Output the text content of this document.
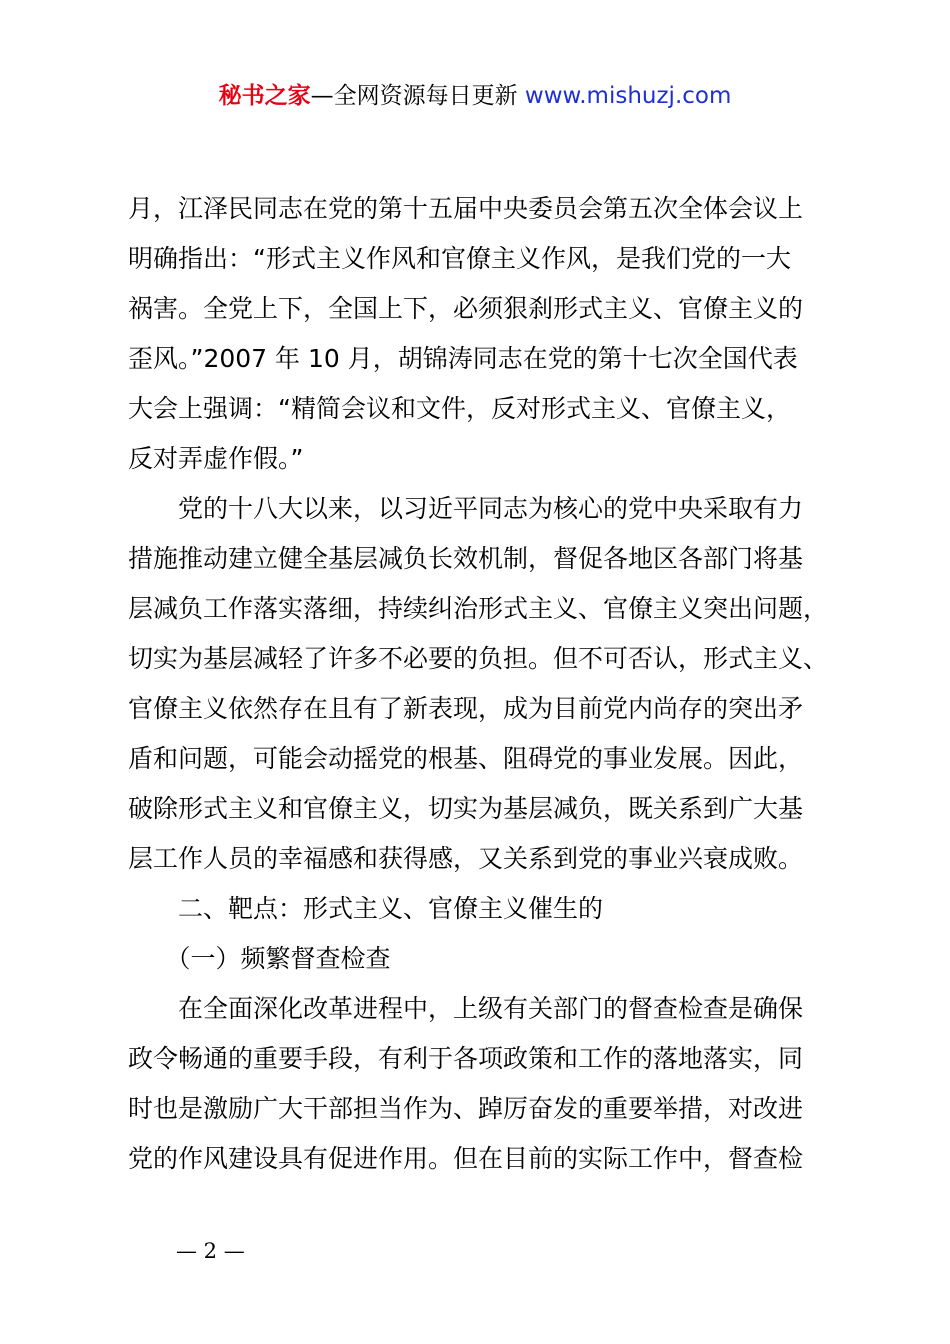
秘书之家—全网资源每日更新 www.mishuzj.com
月，江泽民同志在党的第十五届中央委员会第五次全体会议上
明确指出：“形式主义作风和官僚主义作风，是我们党的一大
祸害。全党上下，全国上下，必须狠刹形式主义、官僚主义的
歪风。”2007 年 10 月，胡锦涛同志在党的第十七次全国代表
大会上强调：“精简会议和文件，反对形式主义、官僚主义，
反对弄虚作假。”
　　党的十八大以来，以习近平同志为核心的党中央采取有力
措施推动建立健全基层减负长效机制，督促各地区各部门将基
层减负工作落实落细，持续纠治形式主义、官僚主义突出问题，
切实为基层减轻了许多不必要的负担。但不可否认，形式主义、
官僚主义依然存在且有了新表现，成为目前党内尚存的突出矛
盾和问题，可能会动摇党的根基、阻碍党的事业发展。因此，
破除形式主义和官僚主义，切实为基层减负，既关系到广大基
层工作人员的幸福感和获得感，又关系到党的事业兴衰成败。
　　二、靶点：形式主义、官僚主义催生的
　　（一）频繁督查检查
　　在全面深化改革进程中，上级有关部门的督查检查是确保
政令畅通的重要手段，有利于各项政策和工作的落地落实，同
时也是激励广大干部担当作为、踔厉奋发的重要举措，对改进
党的作风建设具有促进作用。但在目前的实际工作中，督查检
— 2 —
